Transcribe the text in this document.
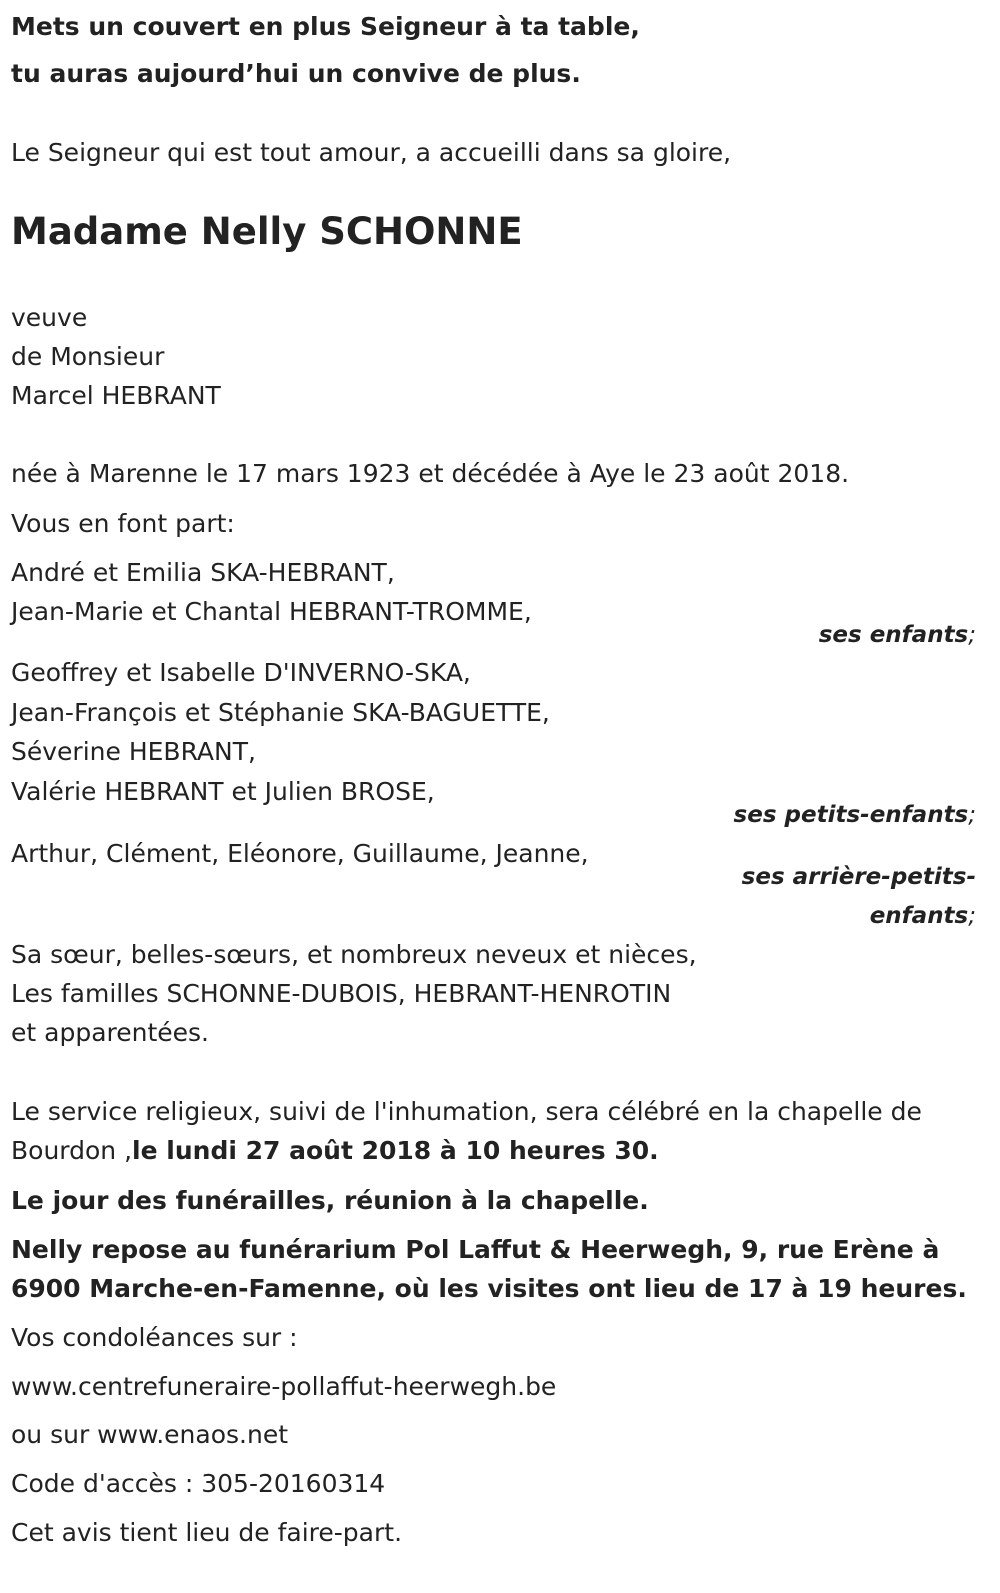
Mets un couvert en plus Seigneur à ta table,
tu auras aujourd’hui un convive de plus.
Le Seigneur qui est tout amour, a accueilli dans sa gloire,
Madame Nelly SCHONNE
veuve
de Monsieur
Marcel HEBRANT
née à Marenne le 17 mars 1923 et décédée à Aye le 23 août 2018.
Vous en font part:
André et Emilia SKA-HEBRANT,
Jean-Marie et Chantal HEBRANT-TROMME,
ses enfants;
Geoffrey et Isabelle D'INVERNO-SKA,
Jean-François et Stéphanie SKA-BAGUETTE,
Séverine HEBRANT,
Valérie HEBRANT et Julien BROSE,
ses petits-enfants;
Arthur, Clément, Eléonore, Guillaume, Jeanne,
ses arrière-petits-
enfants;
Sa sœur, belles-sœurs, et nombreux neveux et nièces,
Les familles SCHONNE-DUBOIS, HEBRANT-HENROTIN
et apparentées.
Le service religieux, suivi de l'inhumation, sera célébré en la chapelle de
Bourdon ,le lundi 27 août 2018 à 10 heures 30.
Le jour des funérailles, réunion à la chapelle.
Nelly repose au funérarium Pol Laffut & Heerwegh, 9, rue Erène à
6900 Marche-en-Famenne, où les visites ont lieu de 17 à 19 heures.
Vos condoléances sur :
www.centrefuneraire-pollaffut-heerwegh.be
ou sur www.enaos.net
Code d'accès : 305-20160314
Cet avis tient lieu de faire-part.
